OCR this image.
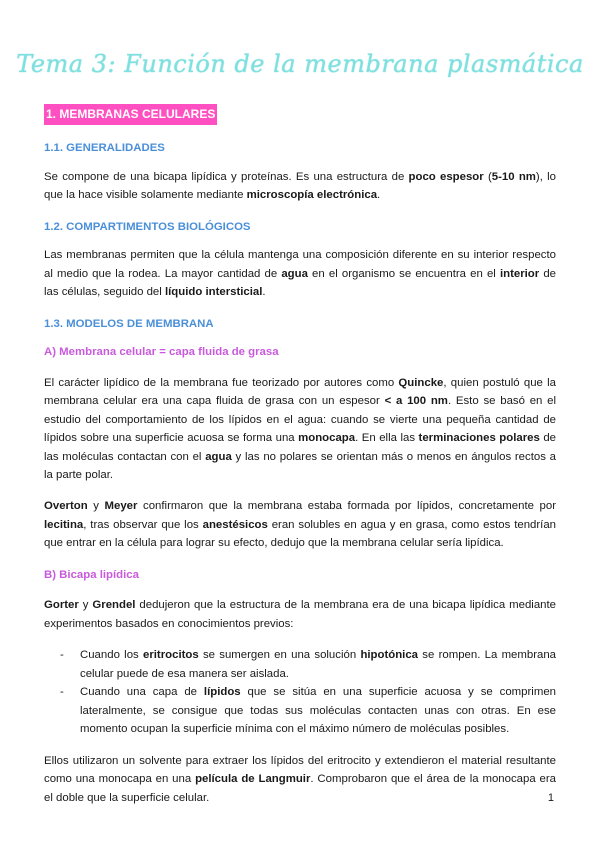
Tema 3: Función de la membrana plasmática
1. MEMBRANAS CELULARES
1.1. GENERALIDADES

Se compone de una bicapa lipídica y proteínas. Es una estructura de poco espesor (5-10 nm), lo que la hace visible solamente mediante microscopía electrónica.

1.2. COMPARTIMENTOS BIOLÓGICOS

Las membranas permiten que la célula mantenga una composición diferente en su interior respecto al medio que la rodea. La mayor cantidad de agua en el organismo se encuentra en el interior de las células, seguido del líquido intersticial.

1.3. MODELOS DE MEMBRANA
A) Membrana celular = capa fluida de grasa

El carácter lipídico de la membrana fue teorizado por autores como Quincke, quien postuló que la membrana celular era una capa fluida de grasa con un espesor < a 100 nm. Esto se basó en el estudio del comportamiento de los lípidos en el agua: cuando se vierte una pequeña cantidad de lípidos sobre una superficie acuosa se forma una monocapa. En ella las terminaciones polares de las moléculas contactan con el agua y las no polares se orientan más o menos en ángulos rectos a la parte polar.

Overton y Meyer confirmaron que la membrana estaba formada por lípidos, concretamente por lecitina, tras observar que los anestésicos eran solubles en agua y en grasa, como estos tendrían que entrar en la célula para lograr su efecto, dedujo que la membrana celular sería lipídica.

B) Bicapa lipídica

Gorter y Grendel dedujeron que la estructura de la membrana era de una bicapa lipídica mediante experimentos basados en conocimientos previos:

- Cuando los eritrocitos se sumergen en una solución hipotónica se rompen. La membrana celular puede de esa manera ser aislada.
- Cuando una capa de lípidos que se sitúa en una superficie acuosa y se comprimen lateralmente, se consigue que todas sus moléculas contacten unas con otras. En ese momento ocupan la superficie mínima con el máximo número de moléculas posibles.

Ellos utilizaron un solvente para extraer los lípidos del eritrocito y extendieron el material resultante como una monocapa en una película de Langmuir. Comprobaron que el área de la monocapa era el doble que la superficie celular.	1
